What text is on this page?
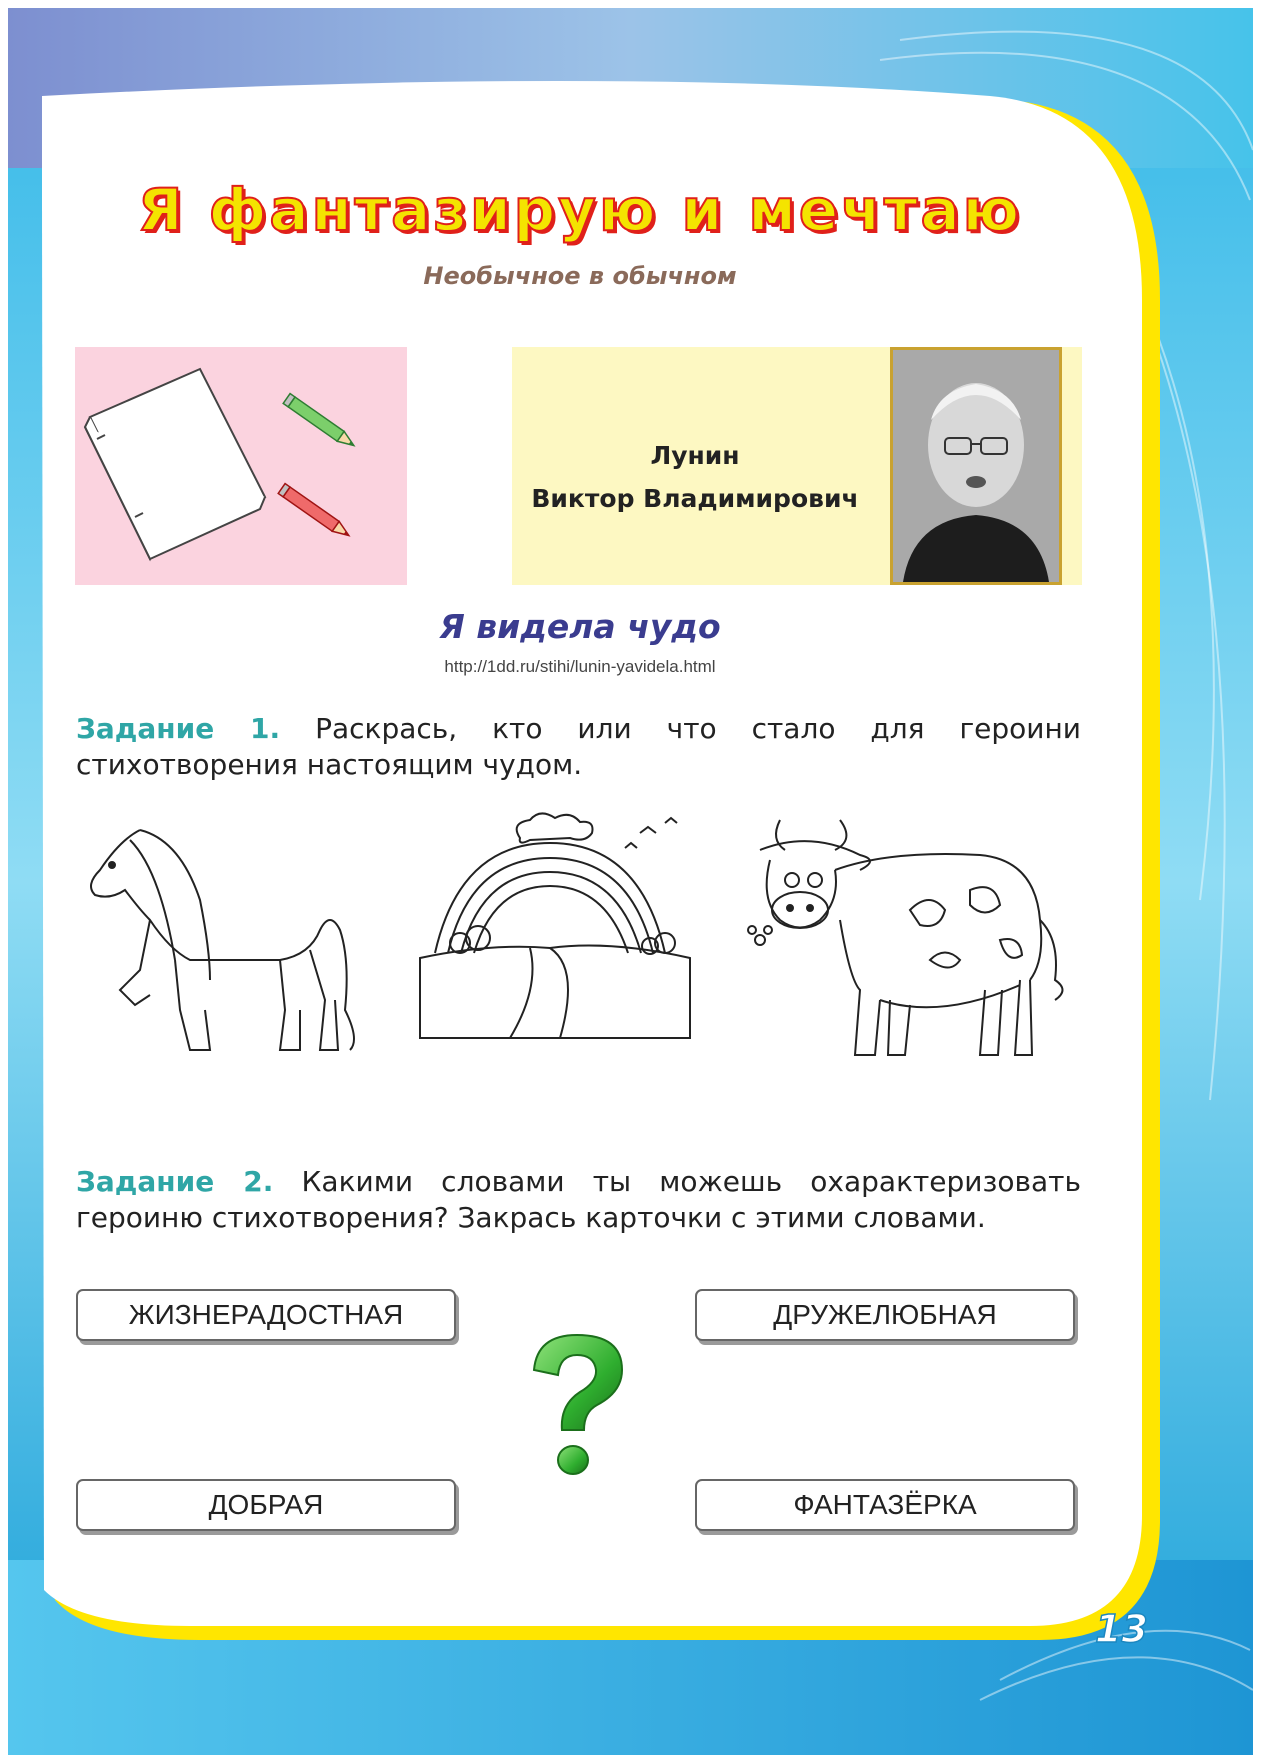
Я фантазирую и мечтаю
Необычное в обычном
Лунин
Виктор Владимирович
Я видела чудо
http://1dd.ru/stihi/lunin-yavidela.html
Задание 1. Раскрась, кто или что стало для героини стихотворения настоящим чудом.
Задание 2. Какими словами ты можешь охарактеризовать героиню стихотворения? Закрась карточки с этими словами.
ЖИЗНЕРАДОСТНАЯ	ДРУЖЕЛЮБНАЯ
ДОБРАЯ	ФАНТАЗЁРКА
13
